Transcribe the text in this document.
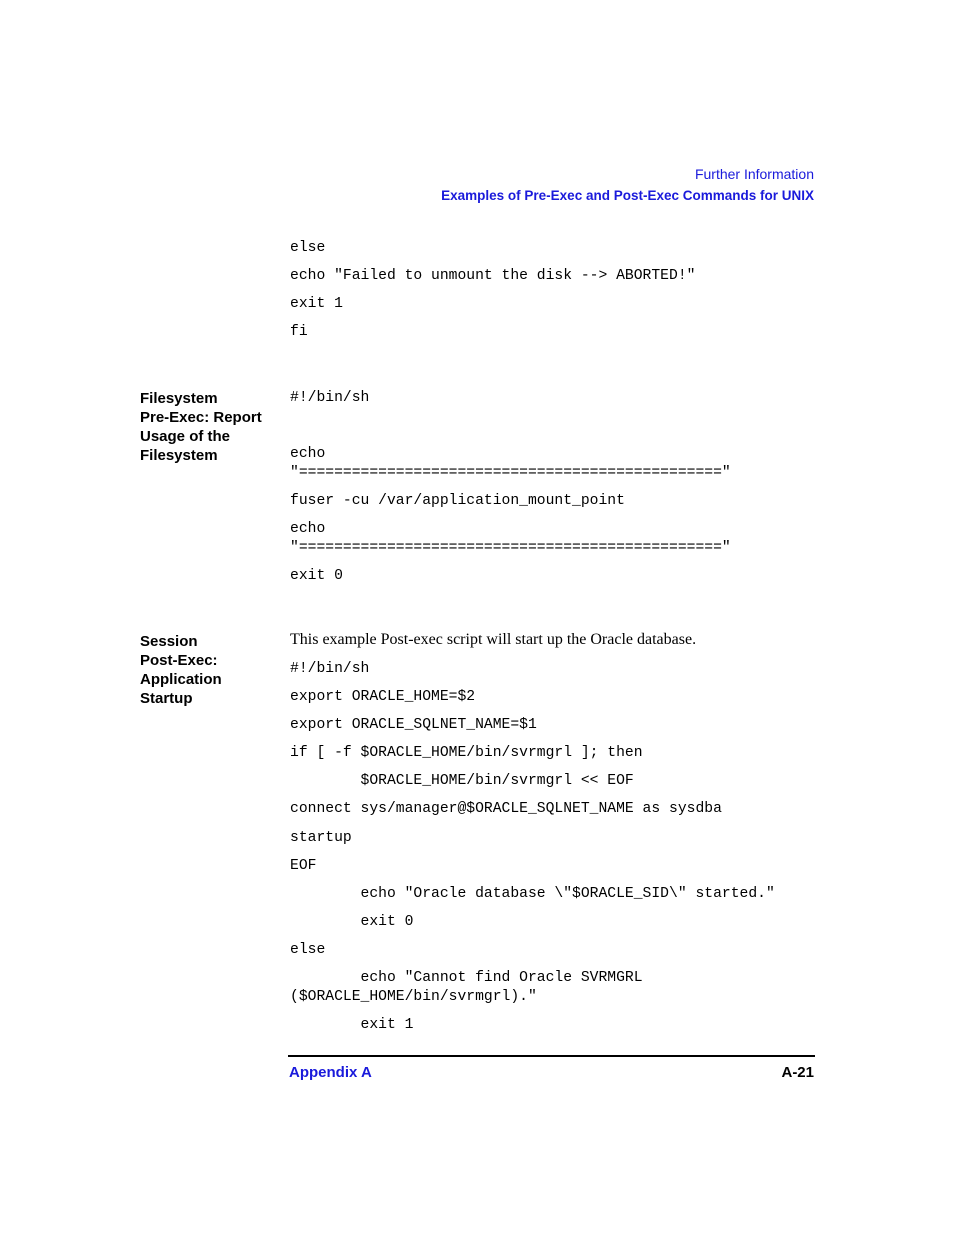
Further Information
Examples of Pre-Exec and Post-Exec Commands for UNIX
else
echo "Failed to unmount the disk --> ABORTED!"
exit 1
fi
Filesystem
Pre-Exec: Report
Usage of the
Filesystem
#!/bin/sh
echo
"================================================"
fuser -cu /var/application_mount_point
echo
"================================================"
exit 0
Session
Post-Exec:
Application
Startup
This example Post-exec script will start up the Oracle database.
#!/bin/sh
export ORACLE_HOME=$2
export ORACLE_SQLNET_NAME=$1
if [ -f $ORACLE_HOME/bin/svrmgrl ]; then
$ORACLE_HOME/bin/svrmgrl << EOF
connect sys/manager@$ORACLE_SQLNET_NAME as sysdba
startup
EOF
echo "Oracle database \"$ORACLE_SID\" started."
exit 0
else
echo "Cannot find Oracle SVRMGRL
($ORACLE_HOME/bin/svrmgrl)."
exit 1
Appendix A	A-21
